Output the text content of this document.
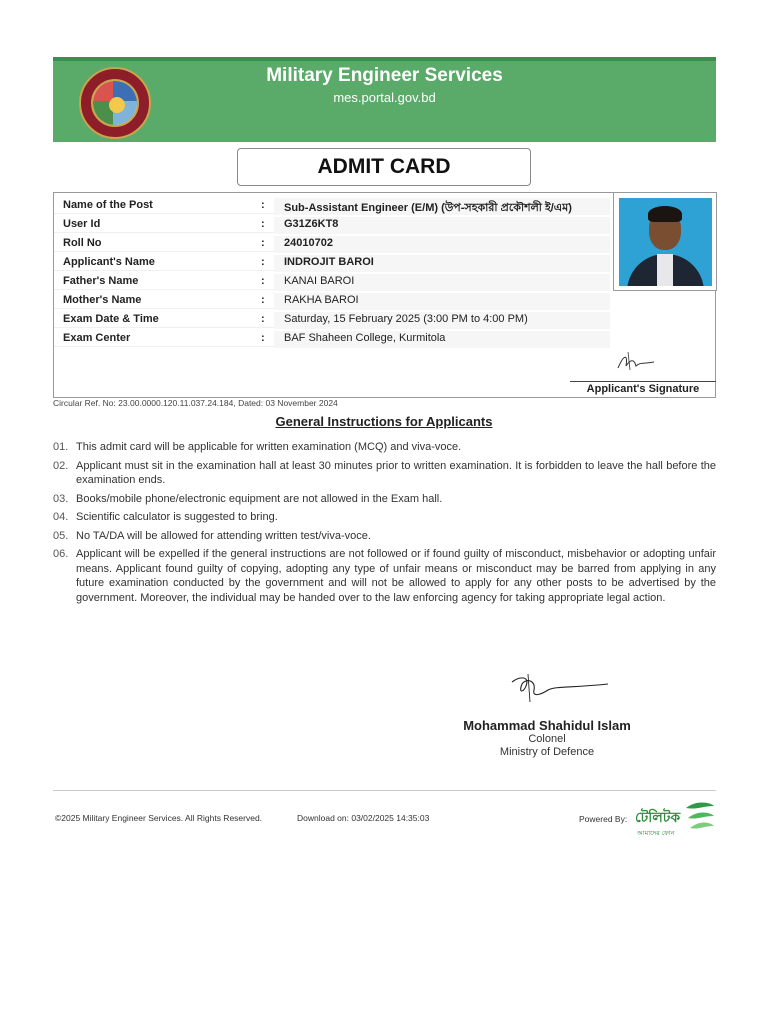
Military Engineer Services
mes.portal.gov.bd
ADMIT CARD
Name of the Post	:	Sub-Assistant Engineer (E/M) (উপ-সহকারী প্রকৌশলী ই/এম)
User Id	:	G31Z6KT8
Roll No	:	24010702
Applicant's Name	:	INDROJIT BAROI
Father's Name	:	KANAI BAROI
Mother's Name	:	RAKHA BAROI
Exam Date & Time	:	Saturday, 15 February 2025 (3:00 PM to 4:00 PM)
Exam Center	:	BAF Shaheen College, Kurmitola
Applicant's Signature
Circular Ref. No: 23.00.0000.120.11.037.24.184, Dated: 03 November 2024
General Instructions for Applicants
01. This admit card will be applicable for written examination (MCQ) and viva-voce.
02. Applicant must sit in the examination hall at least 30 minutes prior to written examination. It is forbidden to leave the hall before the examination ends.
03. Books/mobile phone/electronic equipment are not allowed in the Exam hall.
04. Scientific calculator is suggested to bring.
05. No TA/DA will be allowed for attending written test/viva-voce.
06. Applicant will be expelled if the general instructions are not followed or if found guilty of misconduct, misbehavior or adopting unfair means. Applicant found guilty of copying, adopting any type of unfair means or misconduct may be barred from applying in any future examination conducted by the government and will not be allowed to apply for any other posts to be advertised by the government. Moreover, the individual may be handed over to the law enforcing agency for taking appropriate legal action.
Mohammad Shahidul Islam
Colonel
Ministry of Defence
©2025 Military Engineer Services. All Rights Reserved.	Download on: 03/02/2025 14:35:03	Powered By: টেলিটক
আমাদের ফোন
